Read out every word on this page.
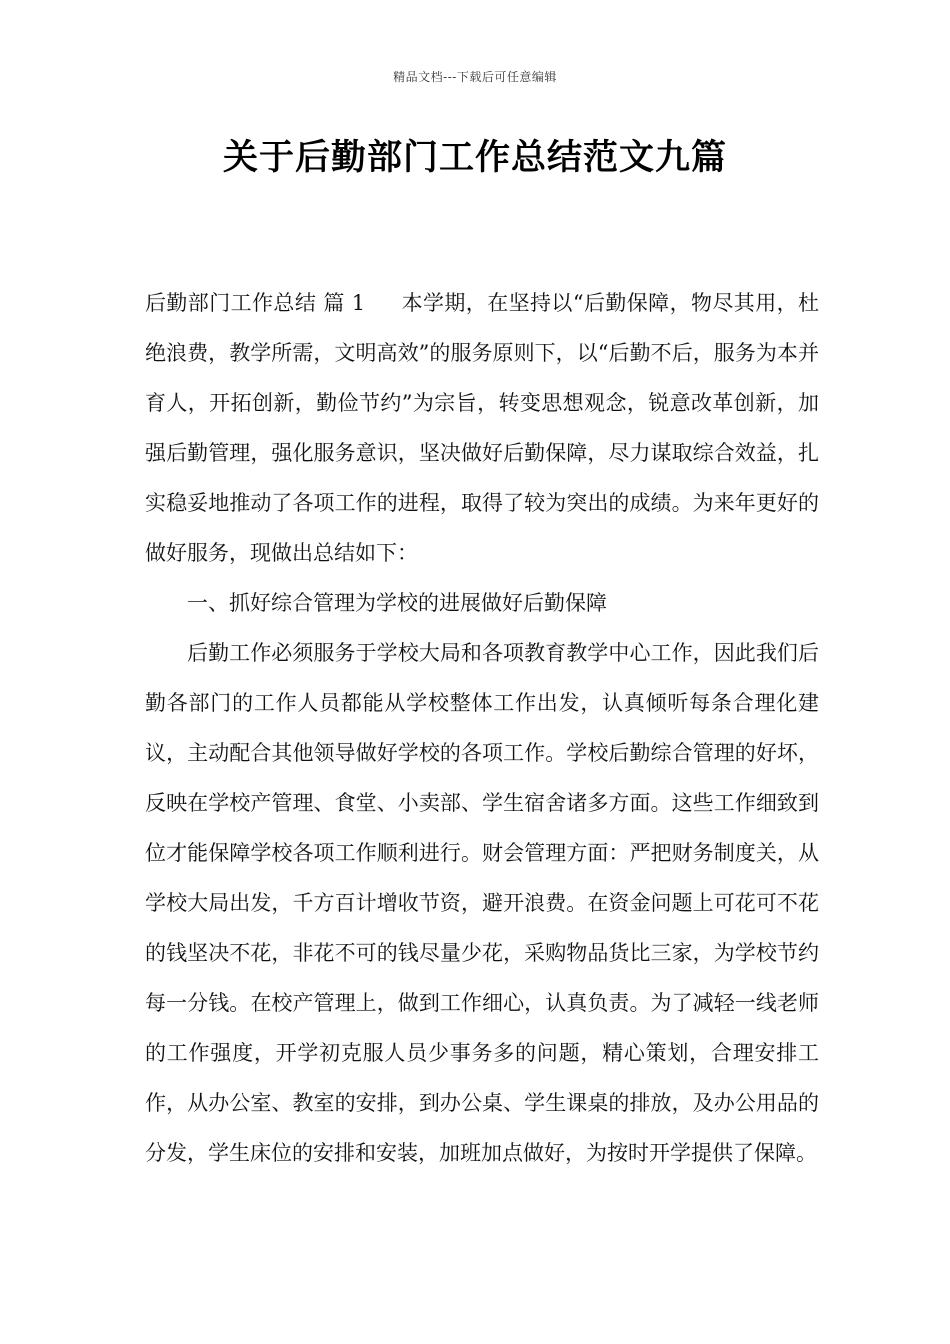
精品文档---下载后可任意编辑
关于后勤部门工作总结范文九篇

后勤部门工作总结 篇 1 本学期，在坚持以“后勤保障，物尽其用，杜绝浪费，教学所需，文明高效”的服务原则下，以“后勤不后，服务为本并育人，开拓创新，勤俭节约”为宗旨，转变思想观念，锐意改革创新，加强后勤管理，强化服务意识，坚决做好后勤保障，尽力谋取综合效益，扎实稳妥地推动了各项工作的进程，取得了较为突出的成绩。为来年更好的做好服务，现做出总结如下：

一、抓好综合管理为学校的进展做好后勤保障

后勤工作必须服务于学校大局和各项教育教学中心工作，因此我们后勤各部门的工作人员都能从学校整体工作出发，认真倾听每条合理化建议，主动配合其他领导做好学校的各项工作。学校后勤综合管理的好坏，反映在学校产管理、食堂、小卖部、学生宿舍诸多方面。这些工作细致到位才能保障学校各项工作顺利进行。财会管理方面：严把财务制度关，从学校大局出发，千方百计增收节资，避开浪费。在资金问题上可花可不花的钱坚决不花，非花不可的钱尽量少花，采购物品货比三家，为学校节约每一分钱。在校产管理上，做到工作细心，认真负责。为了减轻一线老师的工作强度，开学初克服人员少事务多的问题，精心策划，合理安排工作，从办公室、教室的安排，到办公桌、学生课桌的排放，及办公用品的分发，学生床位的安排和安装，加班加点做好，为按时开学提供了保障。
